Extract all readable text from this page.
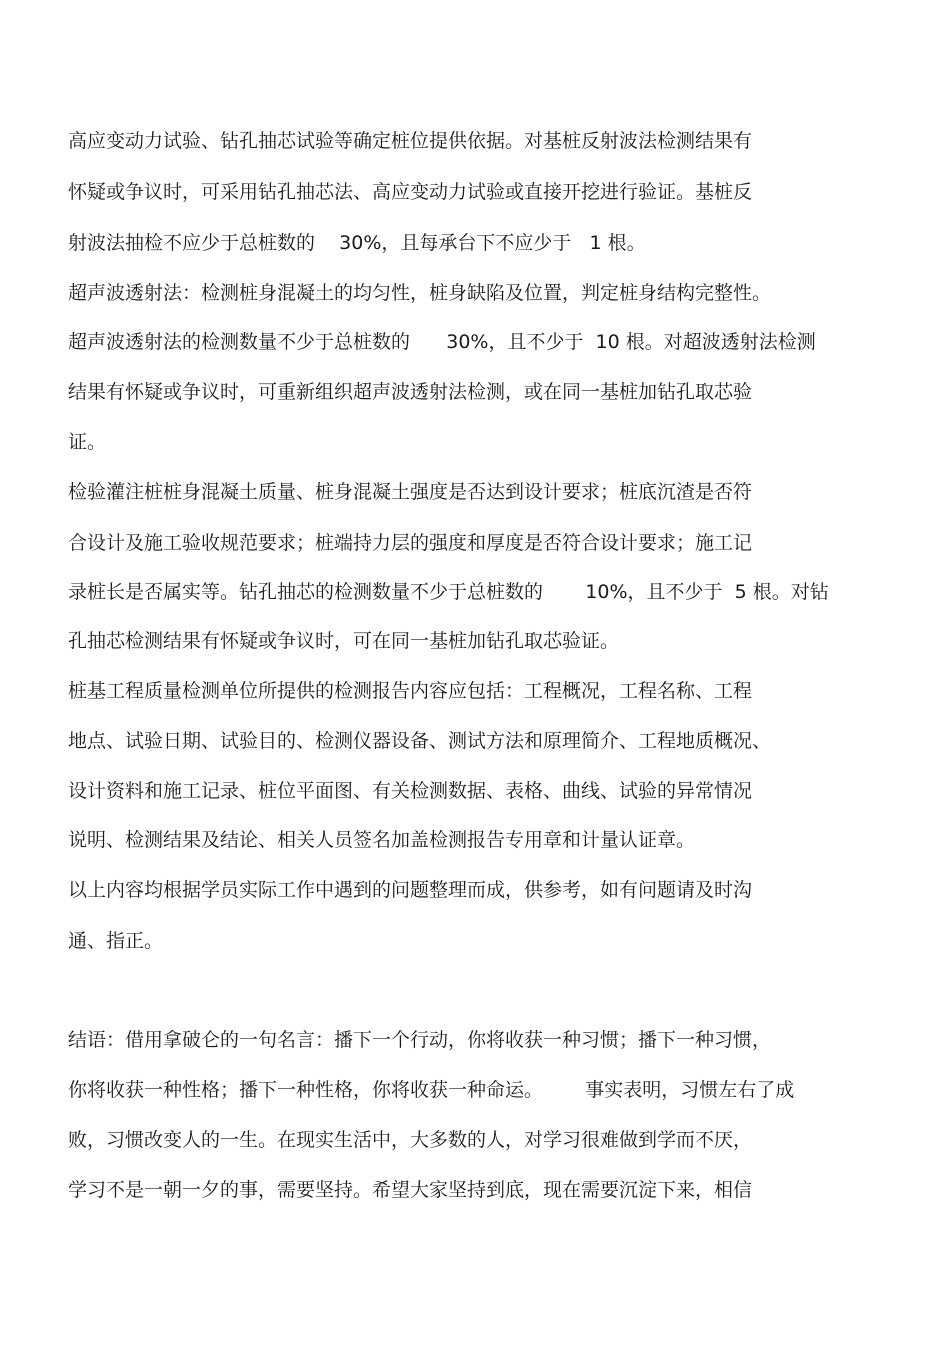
高应变动力试验、钻孔抽芯试验等确定桩位提供依据。对基桩反射波法检测结果有

怀疑或争议时，可采用钻孔抽芯法、高应变动力试验或直接开挖进行验证。基桩反

射波法抽检不应少于总桩数的    30%，且每承台下不应少于   1 根。

超声波透射法：检测桩身混凝土的均匀性，桩身缺陷及位置，判定桩身结构完整性。

超声波透射法的检测数量不少于总桩数的      30%，且不少于  10 根。对超波透射法检测

结果有怀疑或争议时，可重新组织超声波透射法检测，或在同一基桩加钻孔取芯验

证。

检验灌注桩桩身混凝土质量、桩身混凝土强度是否达到设计要求；桩底沉渣是否符

合设计及施工验收规范要求；桩端持力层的强度和厚度是否符合设计要求；施工记

录桩长是否属实等。钻孔抽芯的检测数量不少于总桩数的       10%，且不少于  5 根。对钻

孔抽芯检测结果有怀疑或争议时，可在同一基桩加钻孔取芯验证。

桩基工程质量检测单位所提供的检测报告内容应包括：工程概况，工程名称、工程

地点、试验日期、试验目的、检测仪器设备、测试方法和原理简介、工程地质概况、

设计资料和施工记录、桩位平面图、有关检测数据、表格、曲线、试验的异常情况

说明、检测结果及结论、相关人员签名加盖检测报告专用章和计量认证章。

以上内容均根据学员实际工作中遇到的问题整理而成，供参考，如有问题请及时沟

通、指正。

结语：借用拿破仑的一句名言：播下一个行动，你将收获一种习惯；播下一种习惯，

你将收获一种性格；播下一种性格，你将收获一种命运。       事实表明，习惯左右了成

败，习惯改变人的一生。在现实生活中，大多数的人，对学习很难做到学而不厌，

学习不是一朝一夕的事，需要坚持。希望大家坚持到底，现在需要沉淀下来，相信
